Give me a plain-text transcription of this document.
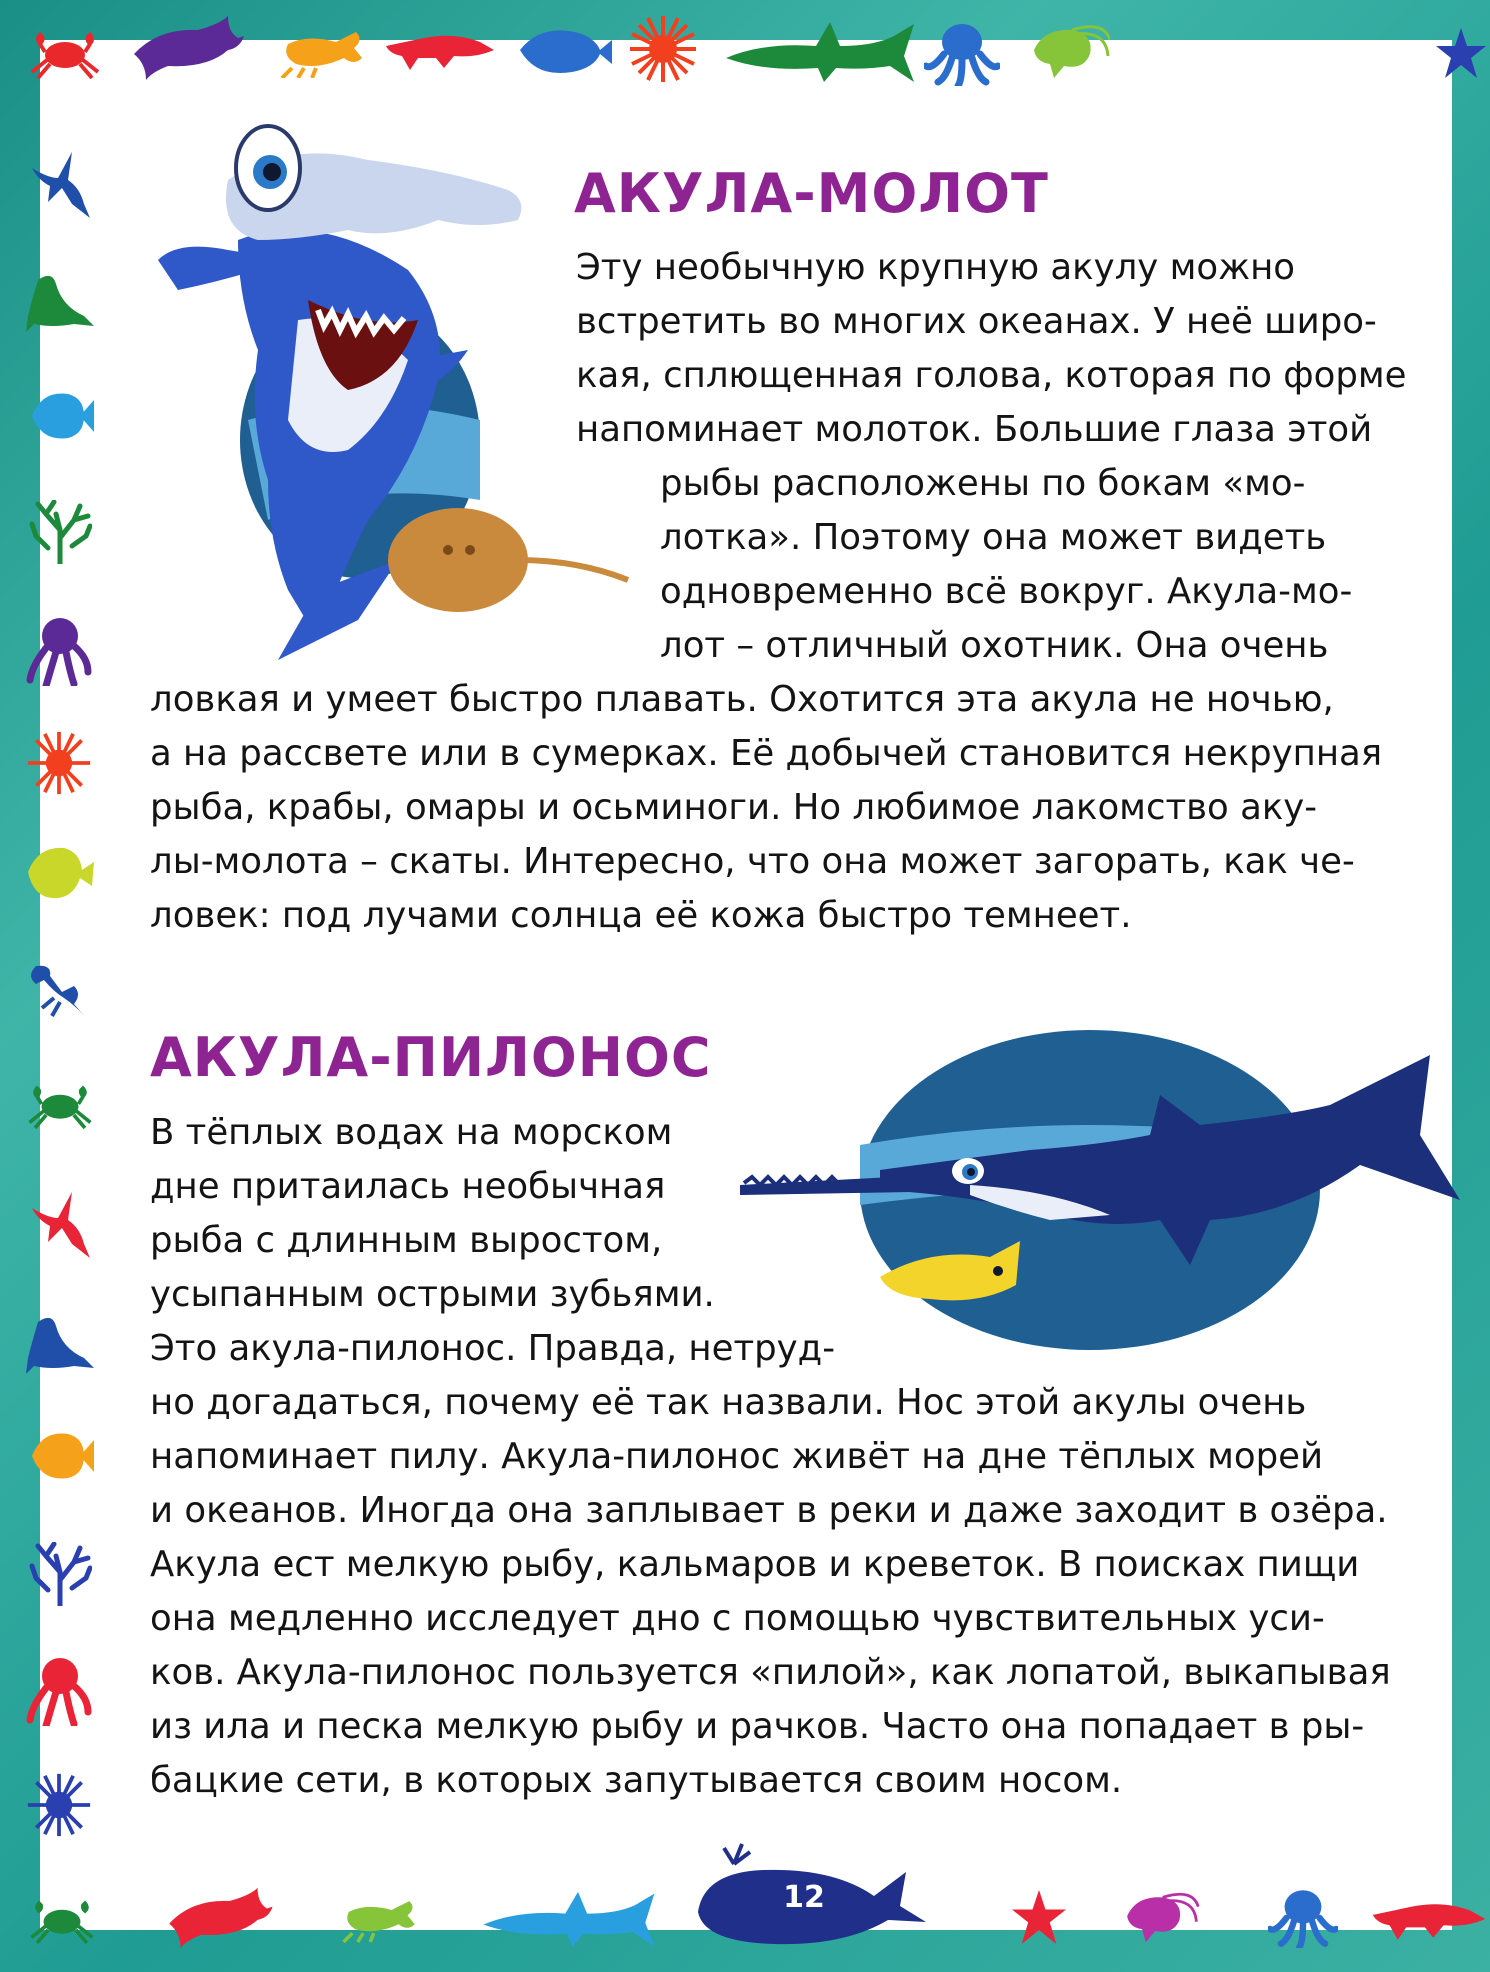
12
АКУЛА-МОЛОТ
Эту необычную крупную акулу можно
встретить во многих океанах. У неё широ-
кая, сплющенная голова, которая по форме
напоминает молоток. Большие глаза этой
рыбы расположены по бокам «мо-
лотка». Поэтому она может видеть
одновременно всё вокруг. Акула-мо-
лот – отличный охотник. Она очень
ловкая и умеет быстро плавать. Охотится эта акула не ночью,
а на рассвете или в сумерках. Её добычей становится некрупная
рыба, крабы, омары и осьминоги. Но любимое лакомство аку-
лы-молота – скаты. Интересно, что она может загорать, как че-
ловек: под лучами солнца её кожа быстро темнеет.
АКУЛА-ПИЛОНОС
В тёплых водах на морском
дне притаилась необычная
рыба с длинным выростом,
усыпанным острыми зубьями.
Это акула-пилонос. Правда, нетруд-
но догадаться, почему её так назвали. Нос этой акулы очень
напоминает пилу. Акула-пилонос живёт на дне тёплых морей
и океанов. Иногда она заплывает в реки и даже заходит в озёра.
Акула ест мелкую рыбу, кальмаров и креветок. В поисках пищи
она медленно исследует дно с помощью чувствительных уси-
ков. Акула-пилонос пользуется «пилой», как лопатой, выкапывая
из ила и песка мелкую рыбу и рачков. Часто она попадает в ры-
бацкие сети, в которых запутывается своим носом.
